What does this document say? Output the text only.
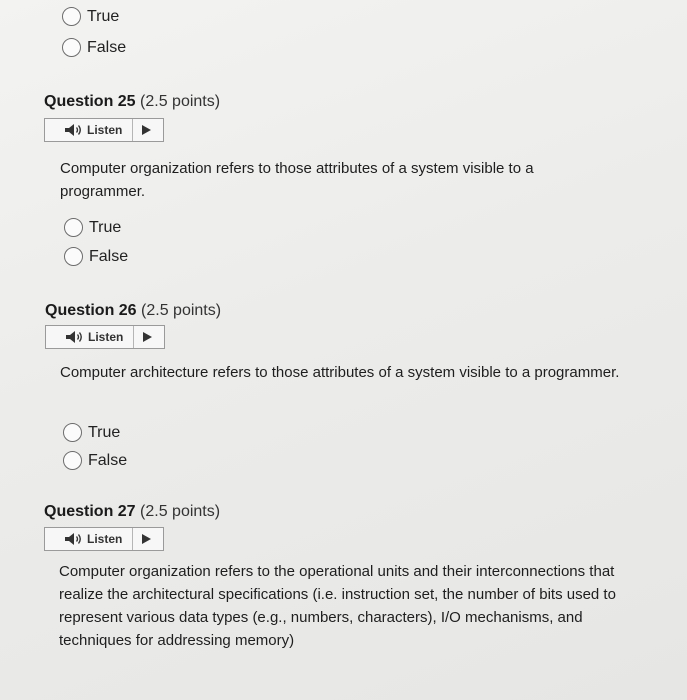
True
False
Question 25 (2.5 points)
Listen
Computer organization refers to those attributes of a system visible to a programmer.
True
False
Question 26 (2.5 points)
Listen
Computer architecture refers to those attributes of a system visible to a programmer.
True
False
Question 27 (2.5 points)
Listen
Computer organization refers to the operational units and their interconnections that realize the architectural specifications (i.e. instruction set, the number of bits used to represent various data types (e.g., numbers, characters), I/O mechanisms, and techniques for addressing memory)
